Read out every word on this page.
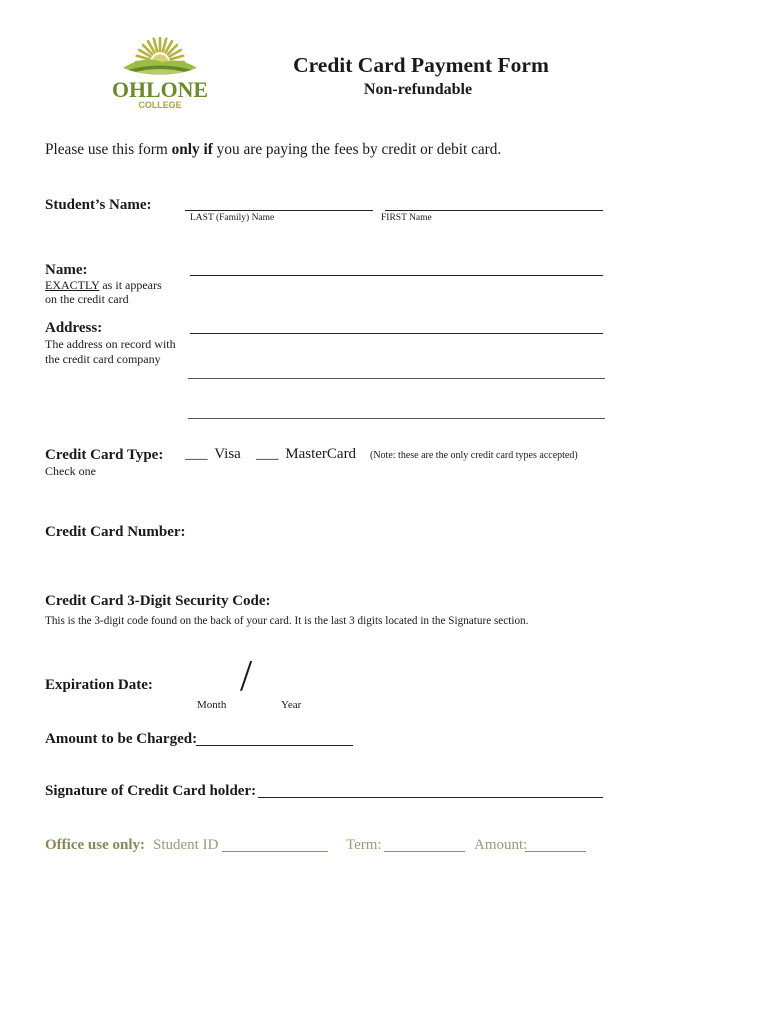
OHLONE
COLLEGE
Credit Card Payment Form
Non-refundable
Please use this form only if you are paying the fees by credit or debit card.
Student’s Name:
LAST (Family) Name	FIRST Name
Name:
EXACTLY as it appears
on the credit card
Address:
The address on record with
the credit card company
Credit Card Type: ___ Visa ___ MasterCard (Note: these are the only credit card types accepted)
Check one
Credit Card Number:
Credit Card 3-Digit Security Code:
This is the 3-digit code found on the back of your card. It is the last 3 digits located in the Signature section.
Expiration Date: /
Month	Year
Amount to be Charged:
Signature of Credit Card holder:
Office use only: Student ID	Term:	Amount:
